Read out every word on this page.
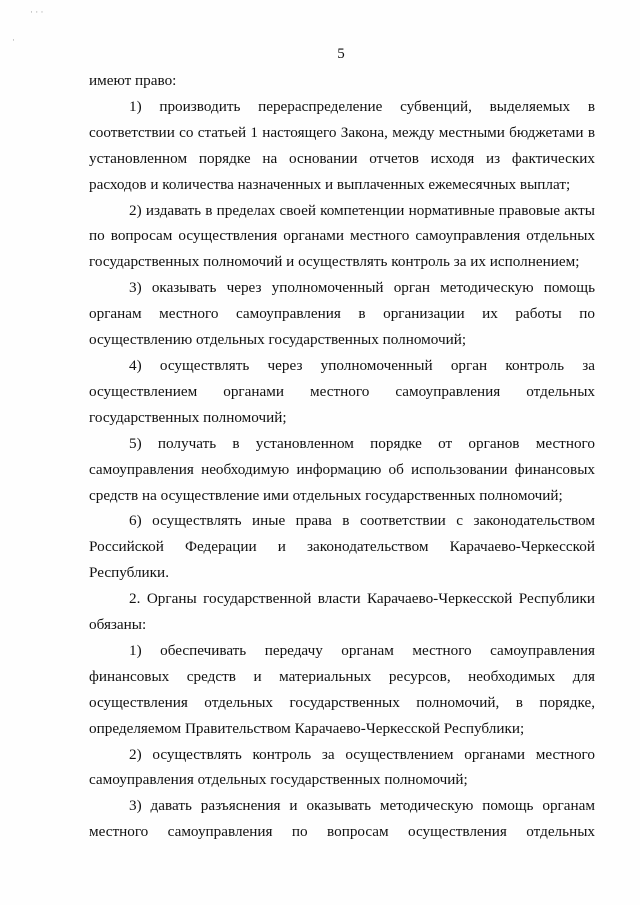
· · ·
·
5

имеют право:

1) производить перераспределение субвенций, выделяемых в соответствии со статьей 1 настоящего Закона, между местными бюджетами в установленном порядке на основании отчетов исходя из фактических расходов и количества назначенных и выплаченных ежемесячных выплат;

2) издавать в пределах своей компетенции нормативные правовые акты по вопросам осуществления органами местного самоуправления отдельных государственных полномочий и осуществлять контроль за их исполнением;

3) оказывать через уполномоченный орган методическую помощь органам местного самоуправления в организации их работы по осуществлению отдельных государственных полномочий;

4) осуществлять через уполномоченный орган контроль за осуществлением органами местного самоуправления отдельных государственных полномочий;

5) получать в установленном порядке от органов местного самоуправления необходимую информацию об использовании финансовых средств на осуществление ими отдельных государственных полномочий;

6) осуществлять иные права в соответствии с законодательством Российской Федерации и законодательством Карачаево-Черкесской Республики.

2. Органы государственной власти Карачаево-Черкесской Республики обязаны:

1) обеспечивать передачу органам местного самоуправления финансовых средств и материальных ресурсов, необходимых для осуществления отдельных государственных полномочий, в порядке, определяемом Правительством Карачаево-Черкесской Республики;

2) осуществлять контроль за осуществлением органами местного самоуправления отдельных государственных полномочий;

3) давать разъяснения и оказывать методическую помощь органам местного самоуправления по вопросам осуществления отдельных
